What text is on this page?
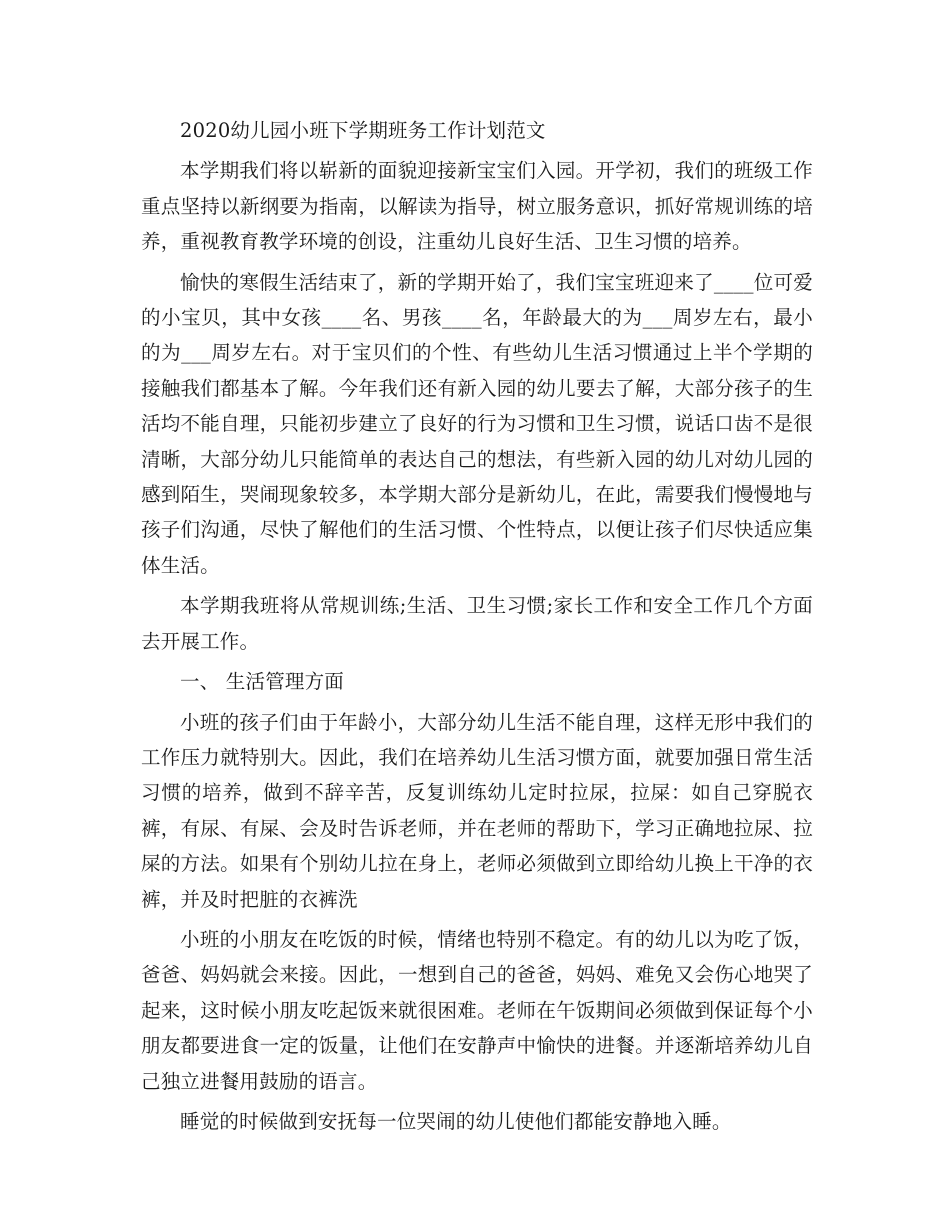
2020幼儿园小班下学期班务工作计划范文

本学期我们将以崭新的面貌迎接新宝宝们入园。开学初，我们的班级工作重点坚持以新纲要为指南，以解读为指导，树立服务意识，抓好常规训练的培养，重视教育教学环境的创设，注重幼儿良好生活、卫生习惯的培养。

愉快的寒假生活结束了，新的学期开始了，我们宝宝班迎来了____位可爱的小宝贝，其中女孩____名、男孩____名，年龄最大的为___周岁左右，最小的为___周岁左右。对于宝贝们的个性、有些幼儿生活习惯通过上半个学期的接触我们都基本了解。今年我们还有新入园的幼儿要去了解，大部分孩子的生活均不能自理，只能初步建立了良好的行为习惯和卫生习惯，说话口齿不是很清晰，大部分幼儿只能简单的表达自己的想法，有些新入园的幼儿对幼儿园的感到陌生，哭闹现象较多，本学期大部分是新幼儿，在此，需要我们慢慢地与孩子们沟通，尽快了解他们的生活习惯、个性特点，以便让孩子们尽快适应集体生活。

本学期我班将从常规训练;生活、卫生习惯;家长工作和安全工作几个方面去开展工作。

一、 生活管理方面

小班的孩子们由于年龄小，大部分幼儿生活不能自理，这样无形中我们的工作压力就特别大。因此，我们在培养幼儿生活习惯方面，就要加强日常生活习惯的培养，做到不辞辛苦，反复训练幼儿定时拉尿，拉屎：如自己穿脱衣裤，有尿、有屎、会及时告诉老师，并在老师的帮助下，学习正确地拉尿、拉屎的方法。如果有个别幼儿拉在身上，老师必须做到立即给幼儿换上干净的衣裤，并及时把脏的衣裤洗

小班的小朋友在吃饭的时候，情绪也特别不稳定。有的幼儿以为吃了饭，爸爸、妈妈就会来接。因此，一想到自己的爸爸，妈妈、难免又会伤心地哭了起来，这时候小朋友吃起饭来就很困难。老师在午饭期间必须做到保证每个小朋友都要进食一定的饭量，让他们在安静声中愉快的进餐。并逐渐培养幼儿自己独立进餐用鼓励的语言。

睡觉的时候做到安抚每一位哭闹的幼儿使他们都能安静地入睡。
